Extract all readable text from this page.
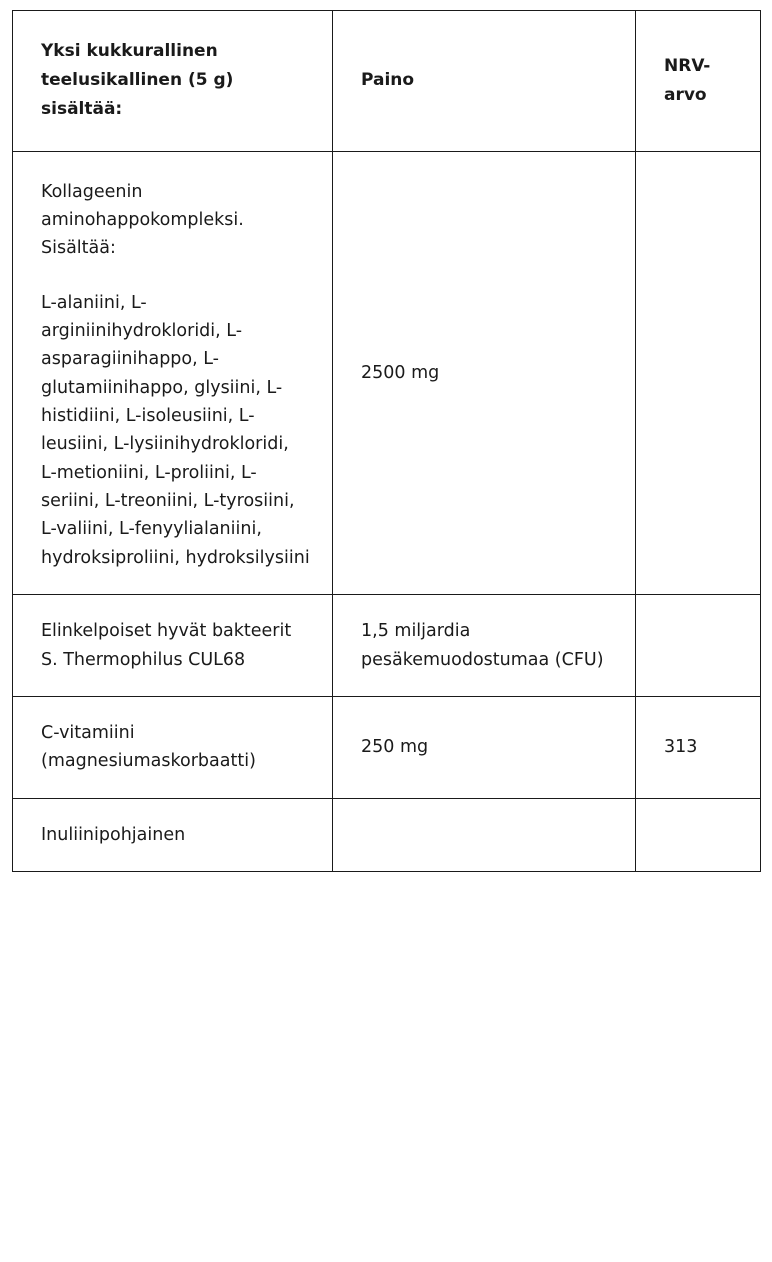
Yksi kukkurallinen teelusikallinen (5 g) sisältää:	Paino	NRV-arvo

Kollageenin aminohappokompleksi. Sisältää:

L-alaniini, L-arginiinihydrokloridi, L-asparagiinihappo, L-glutamiinihappo, glysiini, L-histidiini, L-isoleusiini, L-leusiini, L-lysiinihydrokloridi, L-metioniini, L-proliini, L-seriini, L-treoniini, L-tyrosiini, L-valiini, L-fenyylialaniini, hydroksiproliini, hydroksilysiini	2500 mg	
Elinkelpoiset hyvät bakteerit S. Thermophilus CUL68	1,5 miljardia pesäkemuodostumaa (CFU)	
C-vitamiini (magnesiumaskorbaatti)	250 mg	313
Inuliinipohjainen		
